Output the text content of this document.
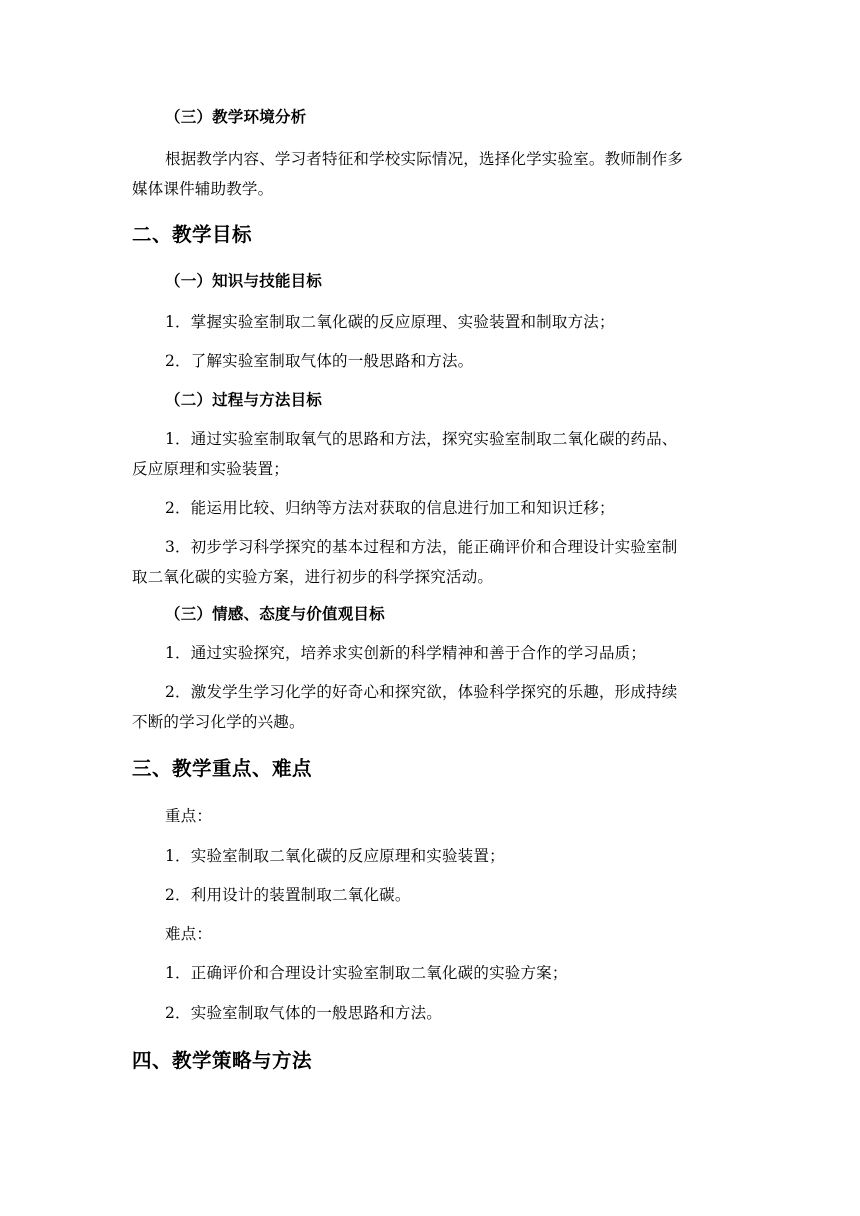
（三）教学环境分析
根据教学内容、学习者特征和学校实际情况，选择化学实验室。教师制作多
媒体课件辅助教学。
二、教学目标
（一）知识与技能目标
1．掌握实验室制取二氧化碳的反应原理、实验装置和制取方法；
2．了解实验室制取气体的一般思路和方法。
（二）过程与方法目标
1．通过实验室制取氧气的思路和方法，探究实验室制取二氧化碳的药品、
反应原理和实验装置；
2．能运用比较、归纳等方法对获取的信息进行加工和知识迁移；
3．初步学习科学探究的基本过程和方法，能正确评价和合理设计实验室制
取二氧化碳的实验方案，进行初步的科学探究活动。
（三）情感、态度与价值观目标
1．通过实验探究，培养求实创新的科学精神和善于合作的学习品质；
2．激发学生学习化学的好奇心和探究欲，体验科学探究的乐趣，形成持续
不断的学习化学的兴趣。
三、教学重点、难点
重点：
1．实验室制取二氧化碳的反应原理和实验装置；
2．利用设计的装置制取二氧化碳。
难点：
1．正确评价和合理设计实验室制取二氧化碳的实验方案；
2．实验室制取气体的一般思路和方法。
四、教学策略与方法
